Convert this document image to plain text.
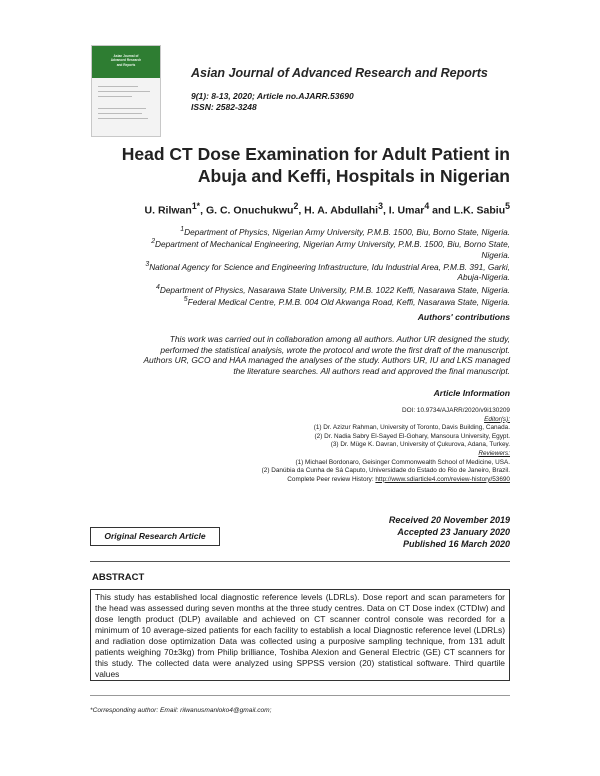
Asian Journal of
Advanced Research
and Reports
Asian Journal of Advanced Research and Reports
9(1): 8-13, 2020; Article no.AJARR.53690
ISSN: 2582-3248
Head CT Dose Examination for Adult Patient in
Abuja and Keffi, Hospitals in Nigerian
U. Rilwan$^{1*}$, G. C. Onuchukwu$^2$, H. A. Abdullahi$^3$, I. Umar$^4$ and L.K. Sabiu$^5$
$^1$Department of Physics, Nigerian Army University, P.M.B. 1500, Biu, Borno State, Nigeria.
$^2$Department of Mechanical Engineering, Nigerian Army University, P.M.B. 1500, Biu, Borno State,
Nigeria.
$^3$National Agency for Science and Engineering Infrastructure, Idu Industrial Area, P.M.B. 391, Garki,
Abuja-Nigeria.
$^4$Department of Physics, Nasarawa State University, P.M.B. 1022 Keffi, Nasarawa State, Nigeria.
$^5$Federal Medical Centre, P.M.B. 004 Old Akwanga Road, Keffi, Nasarawa State, Nigeria.
Authors' contributions
This work was carried out in collaboration among all authors. Author UR designed the study,
performed the statistical analysis, wrote the protocol and wrote the first draft of the manuscript.
Authors UR, GCO and HAA managed the analyses of the study. Authors UR, IU and LKS managed
the literature searches. All authors read and approved the final manuscript.
Article Information
DOI: 10.9734/AJARR/2020/v9i130209
Editor(s):
(1) Dr. Azizur Rahman, University of Toronto, Davis Building, Canada.
(2) Dr. Nadia Sabry El-Sayed El-Gohary, Mansoura University, Egypt.
(3) Dr. Müge K. Davran, University of Çukurova, Adana, Turkey.
Reviewers:
(1) Michael Bordonaro, Geisinger Commonwealth School of Medicine, USA.
(2) Danúbia da Cunha de Sá Caputo, Universidade do Estado do Rio de Janeiro, Brazil.
Complete Peer review History: http://www.sdiarticle4.com/review-history/53690
Received 20 November 2019
Accepted 23 January 2020
Published 16 March 2020
Original Research Article
ABSTRACT
This study has established local diagnostic reference levels (LDRLs). Dose report and scan parameters for the head was assessed during seven months at the three study centres. Data on CT Dose index (CTDIw) and dose length product (DLP) available and achieved on CT scanner control console was recorded for a minimum of 10 average-sized patients for each facility to establish a local Diagnostic reference level (LDRLs) and radiation dose optimization Data was collected using a purposive sampling technique, from 131 adult patients weighing 70±3kg) from Philip brilliance, Toshiba Alexion and General Electric (GE) CT scanners for this study. The collected data were analyzed using SPPSS version (20) statistical software. Third quartile values
*Corresponding author: Email: rilwanusmanloko4@gmail.com;
